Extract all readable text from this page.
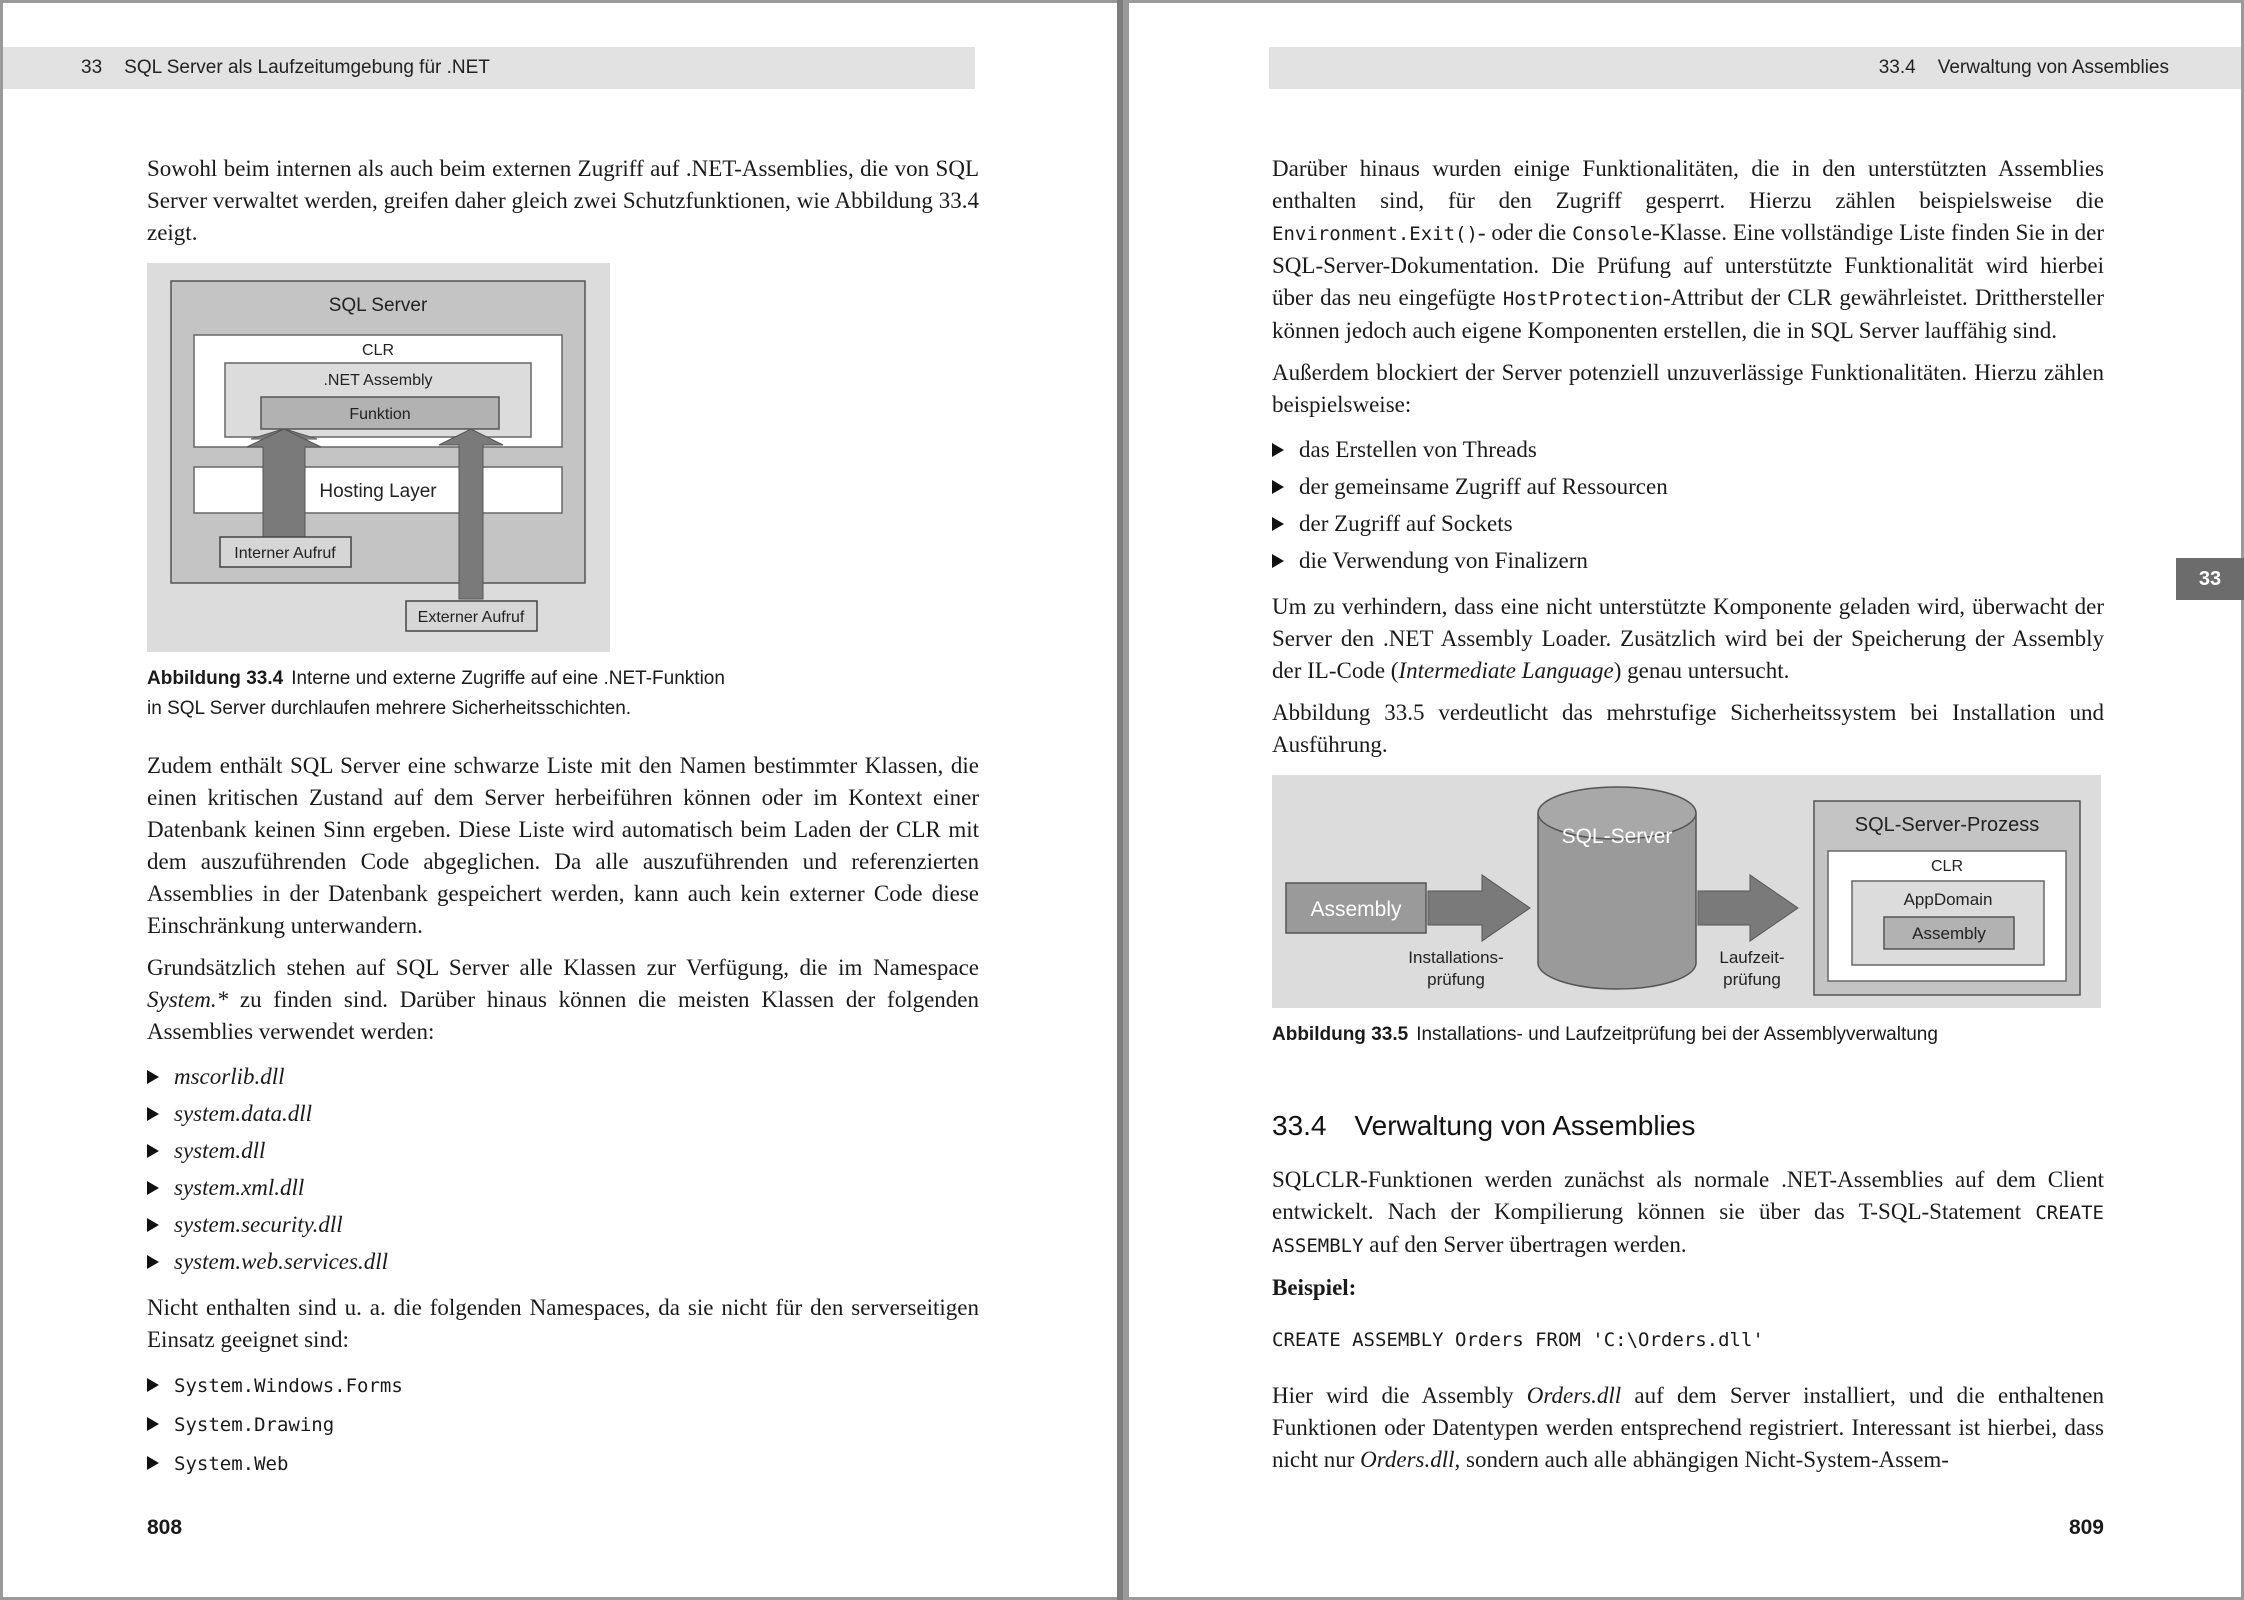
33 SQL Server als Laufzeitumgebung für .NET

Sowohl beim internen als auch beim externen Zugriff auf .NET-Assemblies, die von SQL Server verwaltet werden, greifen daher gleich zwei Schutzfunktionen, wie Abbildung 33.4 zeigt.

SQL Server
CLR
.NET Assembly
Funktion
Hosting Layer
Interner Aufruf
Externer Aufruf
Abbildung 33.4 Interne und externe Zugriffe auf eine .NET-Funktion
in SQL Server durchlaufen mehrere Sicherheitsschichten.

Zudem enthält SQL Server eine schwarze Liste mit den Namen bestimmter Klassen, die einen kritischen Zustand auf dem Server herbeiführen können oder im Kontext einer Datenbank keinen Sinn ergeben. Diese Liste wird automatisch beim Laden der CLR mit dem auszuführenden Code abgeglichen. Da alle auszuführenden und referenzierten Assemblies in der Datenbank gespeichert werden, kann auch kein externer Code diese Einschränkung unterwandern.

Grundsätzlich stehen auf SQL Server alle Klassen zur Verfügung, die im Namespace System.* zu finden sind. Darüber hinaus können die meisten Klassen der folgenden Assemblies verwendet werden:

mscorlib.dll
system.data.dll
system.dll
system.xml.dll
system.security.dll
system.web.services.dll

Nicht enthalten sind u. a. die folgenden Namespaces, da sie nicht für den serverseitigen Einsatz geeignet sind:

System.Windows.Forms
System.Drawing
System.Web
808
33.4 Verwaltung von Assemblies

Darüber hinaus wurden einige Funktionalitäten, die in den unterstützten Assemblies enthalten sind, für den Zugriff gesperrt. Hierzu zählen beispielsweise die Environment.Exit()- oder die Console-Klasse. Eine vollständige Liste finden Sie in der SQL-Server-Dokumentation. Die Prüfung auf unterstützte Funktionalität wird hierbei über das neu eingefügte HostProtection-Attribut der CLR gewährleistet. Dritthersteller können jedoch auch eigene Komponenten erstellen, die in SQL Server lauffähig sind.

Außerdem blockiert der Server potenziell unzuverlässige Funktionalitäten. Hierzu zählen beispielsweise:

das Erstellen von Threads
der gemeinsame Zugriff auf Ressourcen
der Zugriff auf Sockets
die Verwendung von Finalizern

Um zu verhindern, dass eine nicht unterstützte Komponente geladen wird, überwacht der Server den .NET Assembly Loader. Zusätzlich wird bei der Speicherung der Assembly der IL-Code (Intermediate Language) genau untersucht.

Abbildung 33.5 verdeutlicht das mehrstufige Sicherheitssystem bei Installation und Ausführung.

Assembly
Installations-
prüfung
SQL-Server
Laufzeit-
prüfung
SQL-Server-Prozess
CLR
AppDomain
Assembly
Abbildung 33.5 Installations- und Laufzeitprüfung bei der Assemblyverwaltung
33.4 Verwaltung von Assemblies

SQLCLR-Funktionen werden zunächst als normale .NET-Assemblies auf dem Client entwickelt. Nach der Kompilierung können sie über das T-SQL-Statement CREATE ASSEMBLY auf den Server übertragen werden.

Beispiel:

CREATE ASSEMBLY Orders FROM 'C:\Orders.dll'

Hier wird die Assembly Orders.dll auf dem Server installiert, und die enthaltenen Funktionen oder Datentypen werden entsprechend registriert. Interessant ist hierbei, dass nicht nur Orders.dll, sondern auch alle abhängigen Nicht-System-Assem-

809
33
